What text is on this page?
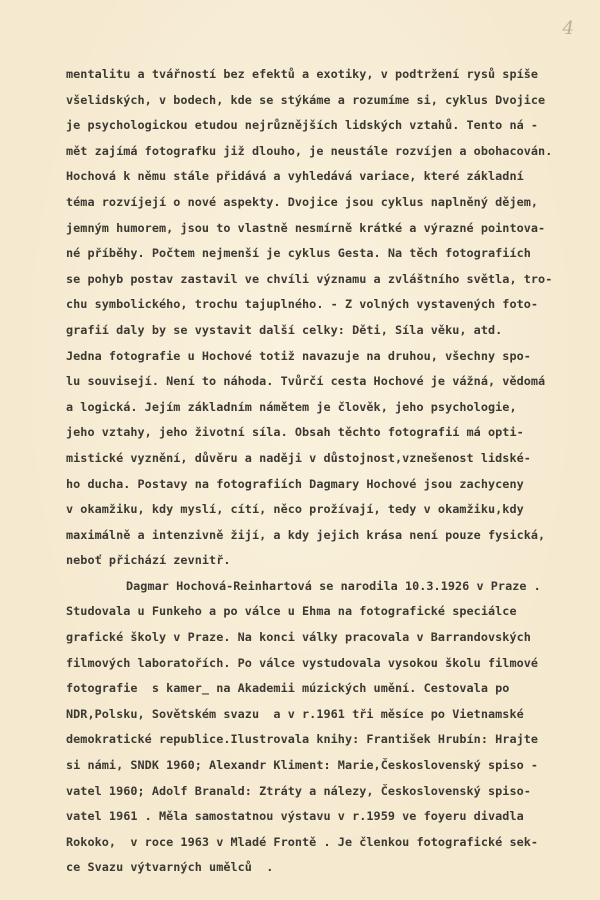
4
mentalitu a tvářností bez efektů a exotiky, v podtržení rysů spíše
všelidských, v bodech, kde se stýkáme a rozumíme si, cyklus Dvojice
je psychologickou etudou nejrůznějších lidských vztahů. Tento ná -
mět zajímá fotografku již dlouho, je neustále rozvíjen a obohacován.
Hochová k němu stále přidává a vyhledává variace, které základní
téma rozvíjejí o nové aspekty. Dvojice jsou cyklus naplněný dějem,
jemným humorem, jsou to vlastně nesmírně krátké a výrazné pointova-
né příběhy. Počtem nejmenší je cyklus Gesta. Na těch fotografiích
se pohyb postav zastavil ve chvíli významu a zvláštního světla, tro-
chu symbolického, trochu tajuplného. - Z volných vystavených foto-
grafií daly by se vystavit další celky: Děti, Síla věku, atd.
Jedna fotografie u Hochové totiž navazuje na druhou, všechny spo-
lu souvisejí. Není to náhoda. Tvůrčí cesta Hochové je vážná, vědomá
a logická. Jejím základním námětem je člověk, jeho psychologie,
jeho vztahy, jeho životní síla. Obsah těchto fotografií má opti-
mistické vyznění, důvěru a naději v důstojnost,vznešenost lidské-
ho ducha. Postavy na fotografiích Dagmary Hochové jsou zachyceny
v okamžiku, kdy myslí, cítí, něco prožívají, tedy v okamžiku,kdy
maximálně a intenzivně žijí, a kdy jejich krása není pouze fysická,
neboť přichází zevnitř.
Dagmar Hochová-Reinhartová se narodila 10.3.1926 v Praze .
Studovala u Funkeho a po válce u Ehma na fotografické speciálce
grafické školy v Praze. Na konci války pracovala v Barrandovských
filmových laboratořích. Po válce vystudovala vysokou školu filmové
fotografie  s kamer_ na Akademii múzických umění. Cestovala po
NDR,Polsku, Sovětském svazu  a v r.1961 tři měsíce po Vietnamské
demokratické republice.Ilustrovala knihy: František Hrubín: Hrajte
si námi, SNDK 1960; Alexandr Kliment: Marie,Československý spiso -
vatel 1960; Adolf Branald: Ztráty a nálezy, Československý spiso-
vatel 1961 . Měla samostatnou výstavu v r.1959 ve foyeru divadla
Rokoko,  v roce 1963 v Mladé Frontě . Je členkou fotografické sek-
ce Svazu výtvarných umělců  .
